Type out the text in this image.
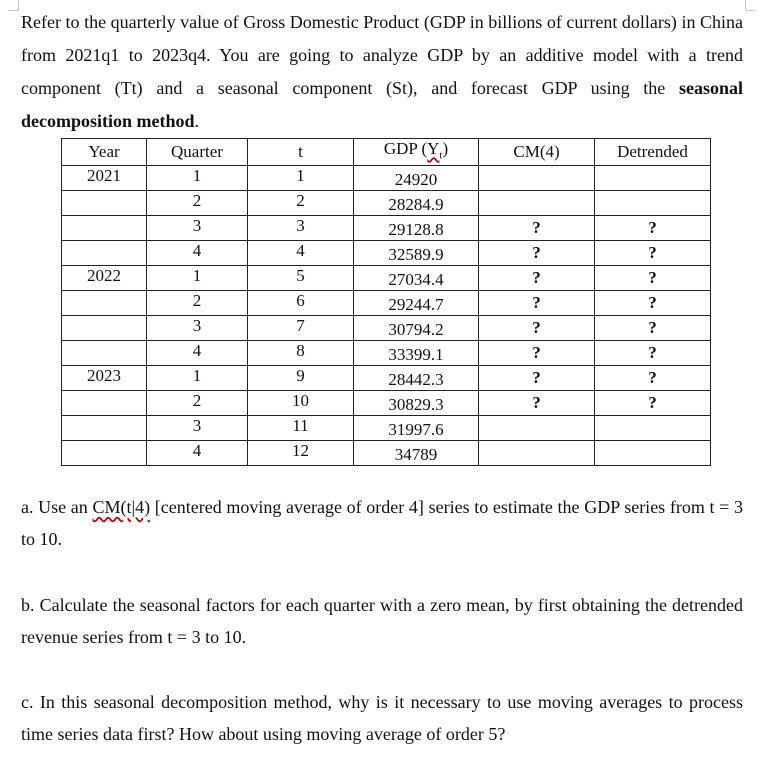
Refer to the quarterly value of Gross Domestic Product (GDP in billions of current dollars) in China from 2021q1 to 2023q4. You are going to analyze GDP by an additive model with a trend component (Tt) and a seasonal component (St), and forecast GDP using the seasonal decomposition method.

Year	Quarter	t	GDP $(Y_t)$	CM(4)	Detrended
2021	1	1	24920		
	2	2	28284.9		
	3	3	29128.8	?	?
	4	4	32589.9	?	?
2022	1	5	27034.4	?	?
	2	6	29244.7	?	?
	3	7	30794.2	?	?
	4	8	33399.1	?	?
2023	1	9	28442.3	?	?
	2	10	30829.3	?	?
	3	11	31997.6		
	4	12	34789		

a. Use an CM(t|4) [centered moving average of order 4] series to estimate the GDP series from t = 3 to 10.

b. Calculate the seasonal factors for each quarter with a zero mean, by first obtaining the detrended revenue series from t = 3 to 10.

c. In this seasonal decomposition method, why is it necessary to use moving averages to process time series data first? How about using moving average of order 5?
